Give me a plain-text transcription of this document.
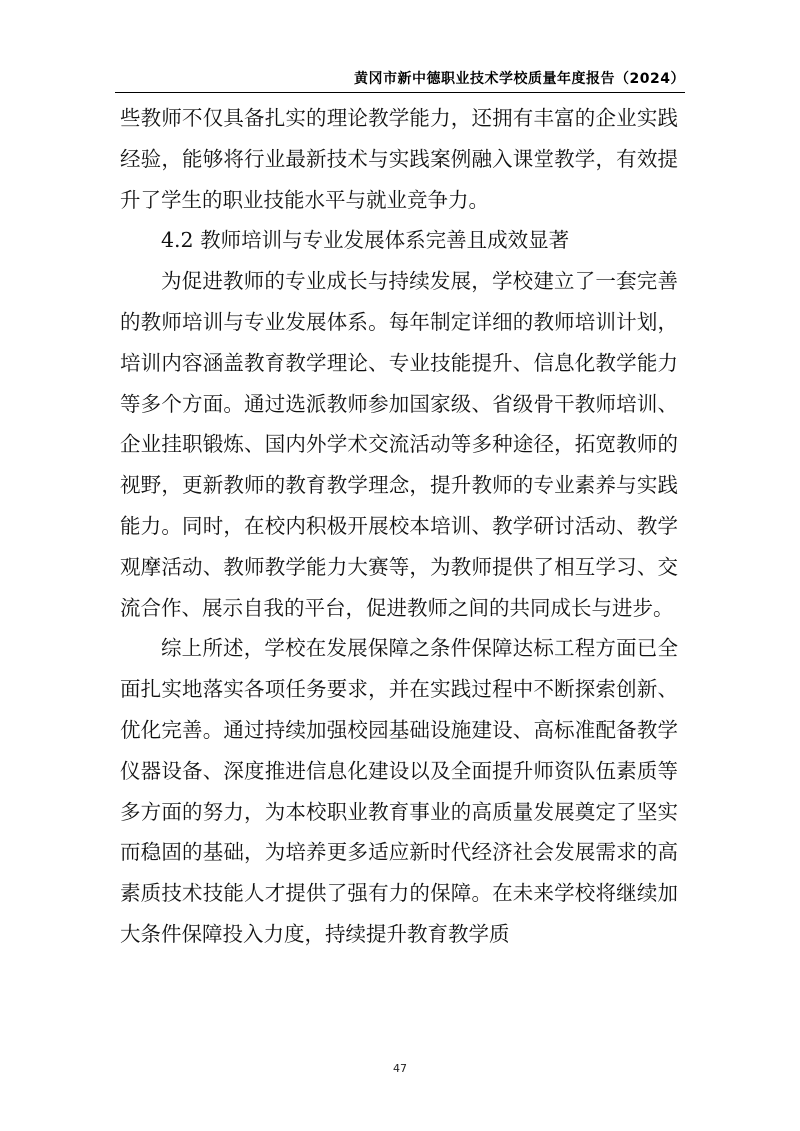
黄冈市新中德职业技术学校质量年度报告（2024）

些教师不仅具备扎实的理论教学能力，还拥有丰富的企业实践经验，能够将行业最新技术与实践案例融入课堂教学，有效提升了学生的职业技能水平与就业竞争力。

4.2 教师培训与专业发展体系完善且成效显著

为促进教师的专业成长与持续发展，学校建立了一套完善的教师培训与专业发展体系。每年制定详细的教师培训计划，培训内容涵盖教育教学理论、专业技能提升、信息化教学能力等多个方面。通过选派教师参加国家级、省级骨干教师培训、企业挂职锻炼、国内外学术交流活动等多种途径，拓宽教师的视野，更新教师的教育教学理念，提升教师的专业素养与实践能力。同时，在校内积极开展校本培训、教学研讨活动、教学观摩活动、教师教学能力大赛等，为教师提供了相互学习、交流合作、展示自我的平台，促进教师之间的共同成长与进步。

综上所述，学校在发展保障之条件保障达标工程方面已全面扎实地落实各项任务要求，并在实践过程中不断探索创新、优化完善。通过持续加强校园基础设施建设、高标准配备教学仪器设备、深度推进信息化建设以及全面提升师资队伍素质等多方面的努力，为本校职业教育事业的高质量发展奠定了坚实而稳固的基础，为培养更多适应新时代经济社会发展需求的高素质技术技能人才提供了强有力的保障。在未来学校将继续加大条件保障投入力度，持续提升教育教学质

47
